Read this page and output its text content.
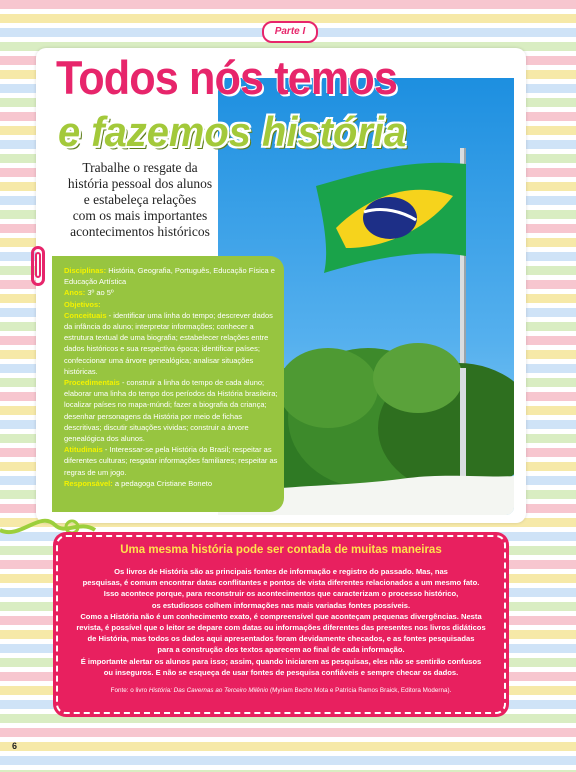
Parte I
Todos nós temos
e fazemos história
Trabalhe o resgate da
história pessoal dos alunos
e estabeleça relações
com os mais importantes
acontecimentos históricos

Disciplinas: História, Geografia, Português, Educação Física e Educação Artística

Anos: 3º ao 5º

Objetivos:

Conceituais - identificar uma linha do tempo; descrever dados da infância do aluno; interpretar informações; conhecer a estrutura textual de uma biografia; estabelecer relações entre dados históricos e sua respectiva época; identificar países; confeccionar uma árvore genealógica; analisar situações históricas.

Procedimentais - construir a linha do tempo de cada aluno; elaborar uma linha do tempo dos períodos da História brasileira; localizar países no mapa-múndi; fazer a biografia da criança; desenhar personagens da História por meio de fichas descritivas; discutir situações vividas; construir a árvore genealógica dos alunos.

Atitudinais - Interessar-se pela História do Brasil; respeitar as diferentes culturas; resgatar informações familiares; respeitar as regras de um jogo.

Responsável: a pedagoga Cristiane Boneto

Uma mesma história pode ser contada de muitas maneiras
Os livros de História são as principais fontes de informação e registro do passado. Mas, nas
pesquisas, é comum encontrar datas conflitantes e pontos de vista diferentes relacionados a um mesmo fato.
Isso acontece porque, para reconstruir os acontecimentos que caracterizam o processo histórico,
os estudiosos colhem informações nas mais variadas fontes possíveis.
Como a História não é um conhecimento exato, é compreensível que aconteçam pequenas divergências. Nesta
revista, é possível que o leitor se depare com datas ou informações diferentes das presentes nos livros didáticos
de História, mas todos os dados aqui apresentados foram devidamente checados, e as fontes pesquisadas
para a construção dos textos aparecem ao final de cada informação.
É importante alertar os alunos para isso; assim, quando iniciarem as pesquisas, eles não se sentirão confusos
ou inseguros. E não se esqueça de usar fontes de pesquisa confiáveis e sempre checar os dados.
Fonte: o livro História: Das Cavernas ao Terceiro Milênio (Myriam Becho Mota e Patrícia Ramos Braick, Editora Moderna).
6
